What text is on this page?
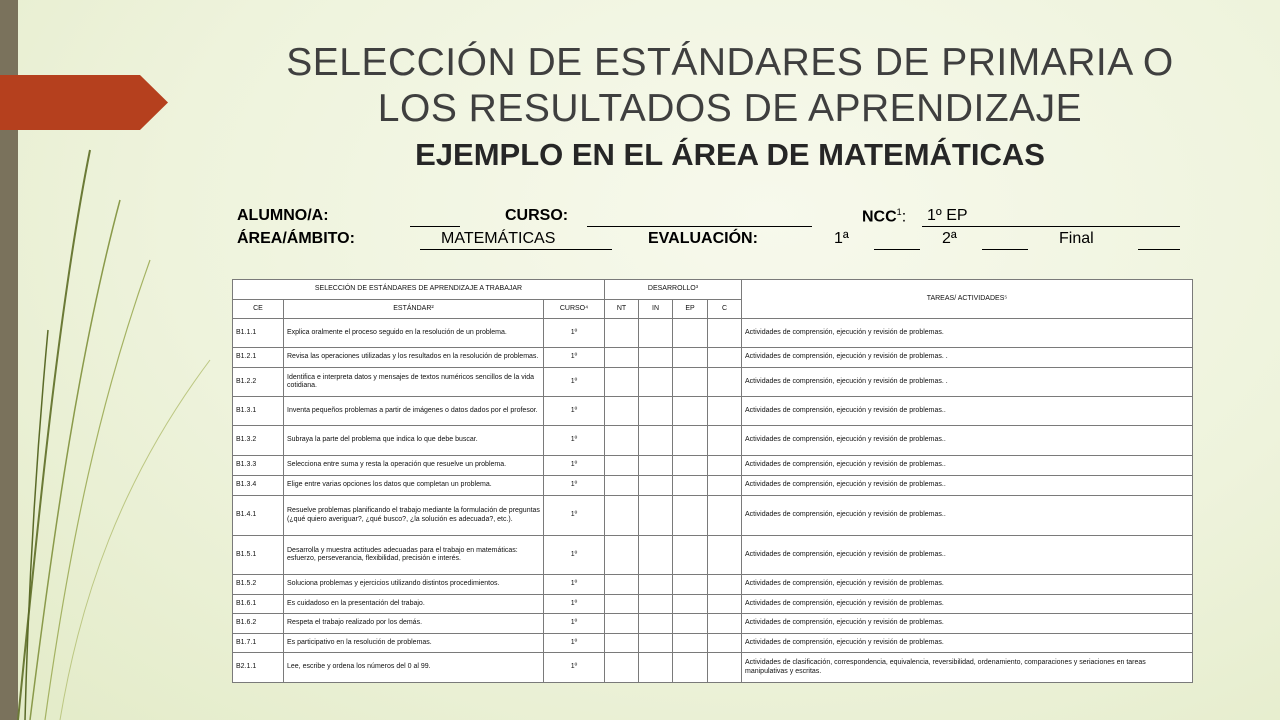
SELECCIÓN DE ESTÁNDARES DE PRIMARIA O
LOS RESULTADOS DE APRENDIZAJE
EJEMPLO EN EL ÁREA DE MATEMÁTICAS
ALUMNO/A:	CURSO:	NCC$^1$: 1º EP
ÁREA/ÁMBITO:	MATEMÁTICAS	EVALUACIÓN:	1ª	2ª	Final
SELECCIÓN DE ESTÁNDARES DE APRENDIZAJE A TRABAJAR			DESARROLLO³				TAREAS/ ACTIVIDADES⁵
CE	ESTÁNDAR²	CURSO⁴	NT	IN	EP	C	
B1.1.1	Explica oralmente el proceso seguido en la resolución de un problema.	1º					Actividades de comprensión, ejecución y revisión de problemas.
B1.2.1	Revisa las operaciones utilizadas y los resultados en la resolución de problemas.	1º					Actividades de comprensión, ejecución y revisión de problemas. .
B1.2.2	Identifica e interpreta datos y mensajes de textos numéricos sencillos de la vida cotidiana.	1º					Actividades de comprensión, ejecución y revisión de problemas. .
B1.3.1	Inventa pequeños problemas a partir de imágenes o datos dados por el profesor.	1º					Actividades de comprensión, ejecución y revisión de problemas..
B1.3.2	Subraya la parte del problema que indica lo que debe buscar.	1º					Actividades de comprensión, ejecución y revisión de problemas..
B1.3.3	Selecciona entre suma y resta la operación que resuelve un problema.	1º					Actividades de comprensión, ejecución y revisión de problemas..
B1.3.4	Elige entre varias opciones los datos que completan un problema.	1º					Actividades de comprensión, ejecución y revisión de problemas..
B1.4.1	Resuelve problemas planificando el trabajo mediante la formulación de preguntas (¿qué quiero averiguar?, ¿qué busco?, ¿la solución es adecuada?, etc.).	1º					Actividades de comprensión, ejecución y revisión de problemas..
B1.5.1	Desarrolla y muestra actitudes adecuadas para el trabajo en matemáticas: esfuerzo, perseverancia, flexibilidad, precisión e interés.	1º					Actividades de comprensión, ejecución y revisión de problemas..
B1.5.2	Soluciona problemas y ejercicios utilizando distintos procedimientos.	1º					Actividades de comprensión, ejecución y revisión de problemas.
B1.6.1	Es cuidadoso en la presentación del trabajo.	1º					Actividades de comprensión, ejecución y revisión de problemas.
B1.6.2	Respeta el trabajo realizado por los demás.	1º					Actividades de comprensión, ejecución y revisión de problemas.
B1.7.1	Es participativo en la resolución de problemas.	1º					Actividades de comprensión, ejecución y revisión de problemas.
B2.1.1	Lee, escribe y ordena los números del 0 al 99.	1º					Actividades de clasificación, correspondencia, equivalencia, reversibilidad, ordenamiento, comparaciones y seriaciones en tareas manipulativas y escritas.
